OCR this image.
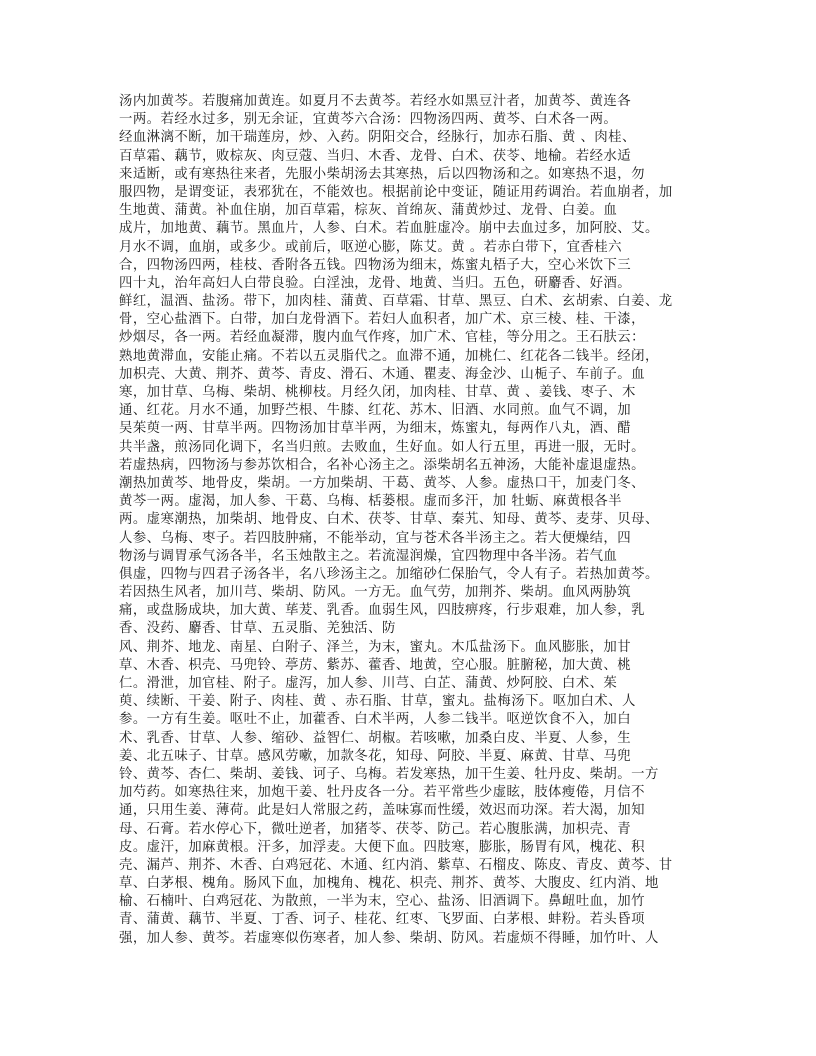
汤内加黄芩。若腹痛加黄连。如夏月不去黄芩。若经水如黑豆汁者，加黄芩、黄连各
一两。若经水过多，别无余证，宜黄芩六合汤：四物汤四两、黄芩、白术各一两。
经血淋漓不断，加干瑞莲房，炒、入药。阴阳交合，经脉行，加赤石脂、黄 、肉桂、
百草霜、藕节，败棕灰、肉豆蔻、当归、木香、龙骨、白术、茯苓、地榆。若经水适
来适断，或有寒热往来者，先服小柴胡汤去其寒热，后以四物汤和之。如寒热不退，勿
服四物，是谓变证，表邪犹在，不能效也。根据前论中变证，随证用药调治。若血崩者，加
生地黄、蒲黄。补血住崩，加百草霜，棕灰、首绵灰、蒲黄炒过、龙骨、白姜。血
成片，加地黄、藕节。黑血片，人参、白术。若血脏虚冷。崩中去血过多，加阿胶、艾。
月水不调，血崩，或多少。或前后，呕逆心膨，陈艾。黄 。若赤白带下，宜香桂六
合，四物汤四两，桂枝、香附各五钱。四物汤为细末，炼蜜丸梧子大，空心米饮下三
四十丸，治年高妇人白带良验。白淫浊，龙骨、地黄、当归。五色，研麝香、好酒。
鲜红，温酒、盐汤。带下，加肉桂、蒲黄、百草霜、甘草、黑豆、白术、玄胡索、白姜、龙
骨，空心盐酒下。白带，加白龙骨酒下。若妇人血积者，加广术、京三棱、桂、干漆，
炒烟尽，各一两。若经血凝滞，腹内血气作疼，加广术、官桂，等分用之。王石肤云：
熟地黄滞血，安能止痛。不若以五灵脂代之。血滞不通，加桃仁、红花各二钱半。经闭，
加枳壳、大黄、荆芥、黄芩、青皮、滑石、木通、瞿麦、海金沙、山栀子、车前子。血
寒，加甘草、乌梅、柴胡、桃柳枝。月经久闭，加肉桂、甘草、黄 、姜钱、枣子、木
通、红花。月水不通，加野苎根、牛膝、红花、苏木、旧酒、水同煎。血气不调，加
吴茱萸一两、甘草半两。四物汤加甘草半两，为细末，炼蜜丸，每两作八丸，酒、醋
共半盏，煎汤同化调下，名当归煎。去败血，生好血。如人行五里，再进一服，无时。
若虚热病，四物汤与参苏饮相合，名补心汤主之。添柴胡名五神汤，大能补虚退虚热。
潮热加黄芩、地骨皮，柴胡。一方加柴胡、干葛、黄芩、人参。虚热口干，加麦门冬、
黄芩一两。虚渴，加人参、干葛、乌梅、栝蒌根。虚而多汗，加 牡蛎、麻黄根各半
两。虚寒潮热，加柴胡、地骨皮、白术、茯苓、甘草、秦艽、知母、黄芩、麦芽、贝母、
人参、乌梅、枣子。若四肢肿痛，不能举动，宜与苍术各半汤主之。若大便燥结，四
物汤与调胃承气汤各半，名玉烛散主之。若流湿润燥，宜四物理中各半汤。若气血
俱虚，四物与四君子汤各半，名八珍汤主之。加缩砂仁保胎气，令人有子。若热加黄芩。
若因热生风者，加川芎、柴胡、防风。一方无。血气劳，加荆芥、柴胡。血风两胁筑
痛，或盘肠成块，加大黄、荜茇、乳香。血弱生风，四肢痹疼，行步艰难，加人参，乳
香、没药、麝香、甘草、五灵脂、羌独活、防
风、荆芥、地龙、南星、白附子、泽兰，为末，蜜丸。木瓜盐汤下。血风膨胀，加甘
草、木香、枳壳、马兜铃、葶苈、紫苏、藿香、地黄，空心服。脏腑秘，加大黄、桃
仁。滑泄，加官桂、附子。虚泻，加人参、川芎、白芷、蒲黄、炒阿胶、白术、茱
萸、续断、干姜、附子、肉桂、黄 、赤石脂、甘草，蜜丸。盐梅汤下。呕加白术、人
参。一方有生姜。呕吐不止，加藿香、白术半两，人参二钱半。呕逆饮食不入，加白
术、乳香、甘草、人参、缩砂、益智仁、胡椒。若咳嗽，加桑白皮、半夏、人参，生
姜、北五味子、甘草。感风劳嗽，加款冬花，知母、阿胶、半夏、麻黄、甘草、马兜
铃、黄芩、杏仁、柴胡、姜钱、诃子、乌梅。若发寒热，加干生姜、牡丹皮、柴胡。一方
加芍药。如寒热往来，加炮干姜、牡丹皮各一分。若平常些少虚眩，肢体瘦倦，月信不
通，只用生姜、薄荷。此是妇人常服之药，盖味寡而性缓，效迟而功深。若大渴，加知
母、石膏。若水停心下，微吐逆者，加猪苓、茯苓、防己。若心腹胀满，加枳壳、青
皮。虚汗，加麻黄根。汗多，加浮麦。大便下血。四肢寒，膨胀，肠胃有风，槐花、积
壳、漏芦、荆芥、木香、白鸡冠花、木通、红内消、紫草、石榴皮、陈皮、青皮、黄芩、甘
草、白茅根、槐角。肠风下血，加槐角、槐花、枳壳、荆芥、黄芩、大腹皮、红内消、地
榆、石楠叶、白鸡冠花、为散煎，一半为末，空心、盐汤、旧酒调下。鼻衄吐血，加竹
青、蒲黄、藕节、半夏、丁香、诃子、桂花、红枣、飞罗面、白茅根、蚌粉。若头昏项
强，加人参、黄芩。若虚寒似伤寒者，加人参、柴胡、防风。若虚烦不得睡，加竹叶、人
